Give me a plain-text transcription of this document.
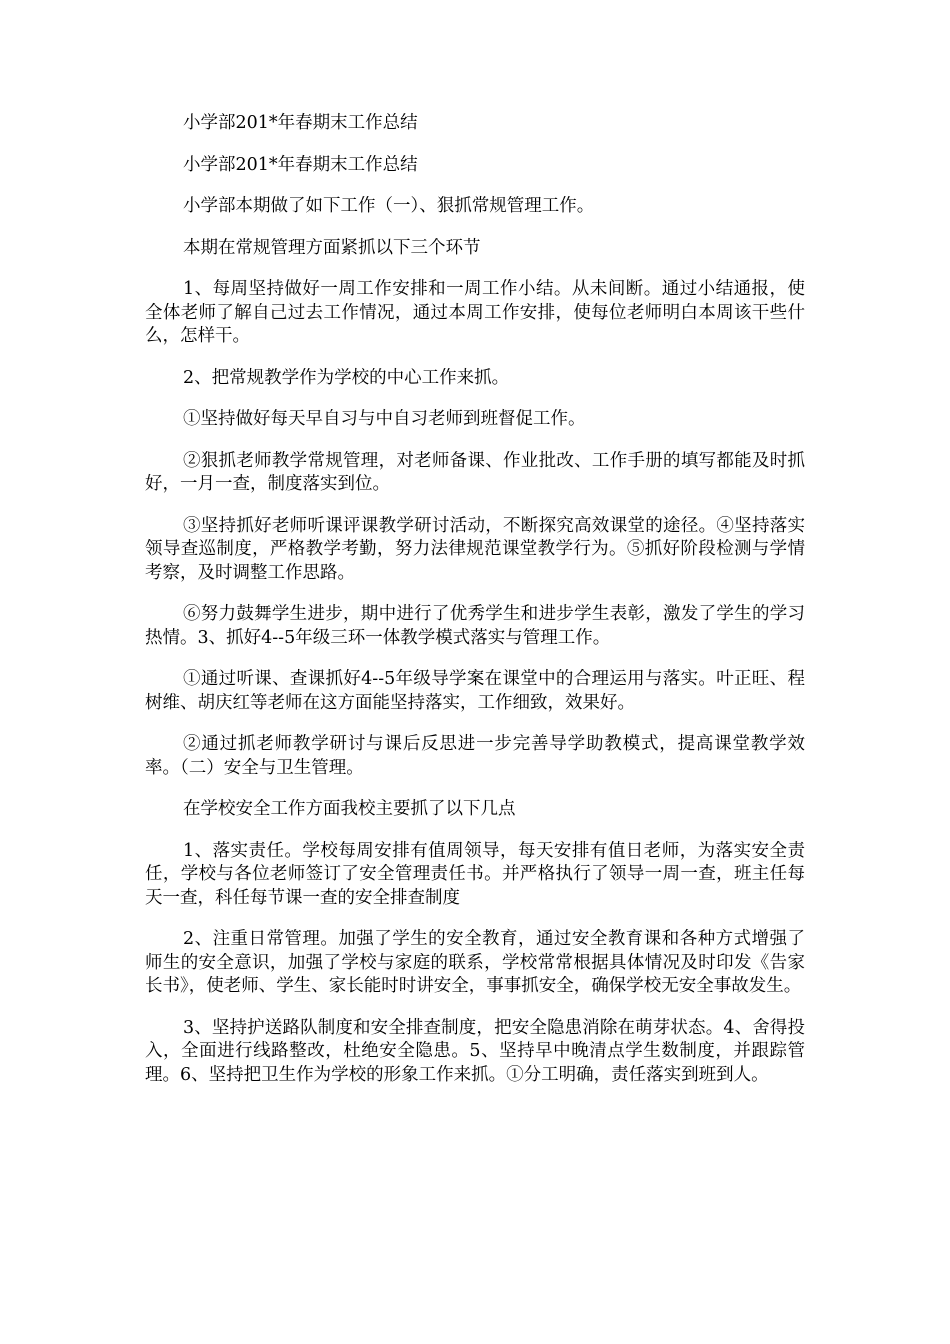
小学部201*年春期末工作总结

小学部201*年春期末工作总结

小学部本期做了如下工作（一）、狠抓常规管理工作。

本期在常规管理方面紧抓以下三个环节

1、每周坚持做好一周工作安排和一周工作小结。从未间断。通过小结通报，使全体老师了解自己过去工作情况，通过本周工作安排，使每位老师明白本周该干些什么，怎样干。

2、把常规教学作为学校的中心工作来抓。

①坚持做好每天早自习与中自习老师到班督促工作。

②狠抓老师教学常规管理，对老师备课、作业批改、工作手册的填写都能及时抓好，一月一查，制度落实到位。

③坚持抓好老师听课评课教学研讨活动，不断探究高效课堂的途径。④坚持落实领导查巡制度，严格教学考勤，努力法律规范课堂教学行为。⑤抓好阶段检测与学情考察，及时调整工作思路。

⑥努力鼓舞学生进步，期中进行了优秀学生和进步学生表彰，激发了学生的学习热情。3、抓好4--5年级三环一体教学模式落实与管理工作。

①通过听课、查课抓好4--5年级导学案在课堂中的合理运用与落实。叶正旺、程树维、胡庆红等老师在这方面能坚持落实，工作细致，效果好。

②通过抓老师教学研讨与课后反思进一步完善导学助教模式，提高课堂教学效率。（二）安全与卫生管理。

在学校安全工作方面我校主要抓了以下几点

1、落实责任。学校每周安排有值周领导，每天安排有值日老师，为落实安全责任，学校与各位老师签订了安全管理责任书。并严格执行了领导一周一查，班主任每天一查，科任每节课一查的安全排查制度

2、注重日常管理。加强了学生的安全教育，通过安全教育课和各种方式增强了师生的安全意识，加强了学校与家庭的联系，学校常常根据具体情况及时印发《告家长书》，使老师、学生、家长能时时讲安全，事事抓安全，确保学校无安全事故发生。

3、坚持护送路队制度和安全排查制度，把安全隐患消除在萌芽状态。4、舍得投入，全面进行线路整改，杜绝安全隐患。5、坚持早中晚清点学生数制度，并跟踪管理。6、坚持把卫生作为学校的形象工作来抓。①分工明确，责任落实到班到人。
